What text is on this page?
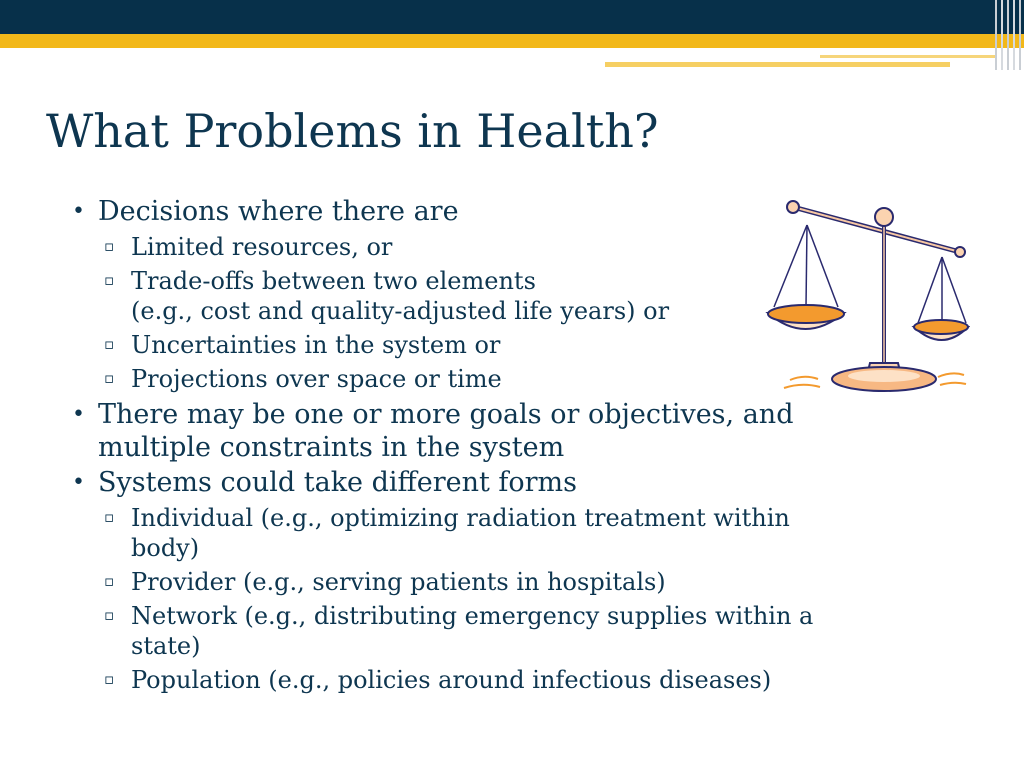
What Problems in Health?
• Decisions where there are
▫ Limited resources, or
▫ Trade-offs between two elements
(e.g., cost and quality-adjusted life years) or
▫ Uncertainties in the system or
▫ Projections over space or time
• There may be one or more goals or objectives, and
multiple constraints in the system
• Systems could take different forms
▫ Individual (e.g., optimizing radiation treatment within
body)
▫ Provider (e.g., serving patients in hospitals)
▫ Network (e.g., distributing emergency supplies within a
state)
▫ Population (e.g., policies around infectious diseases)
